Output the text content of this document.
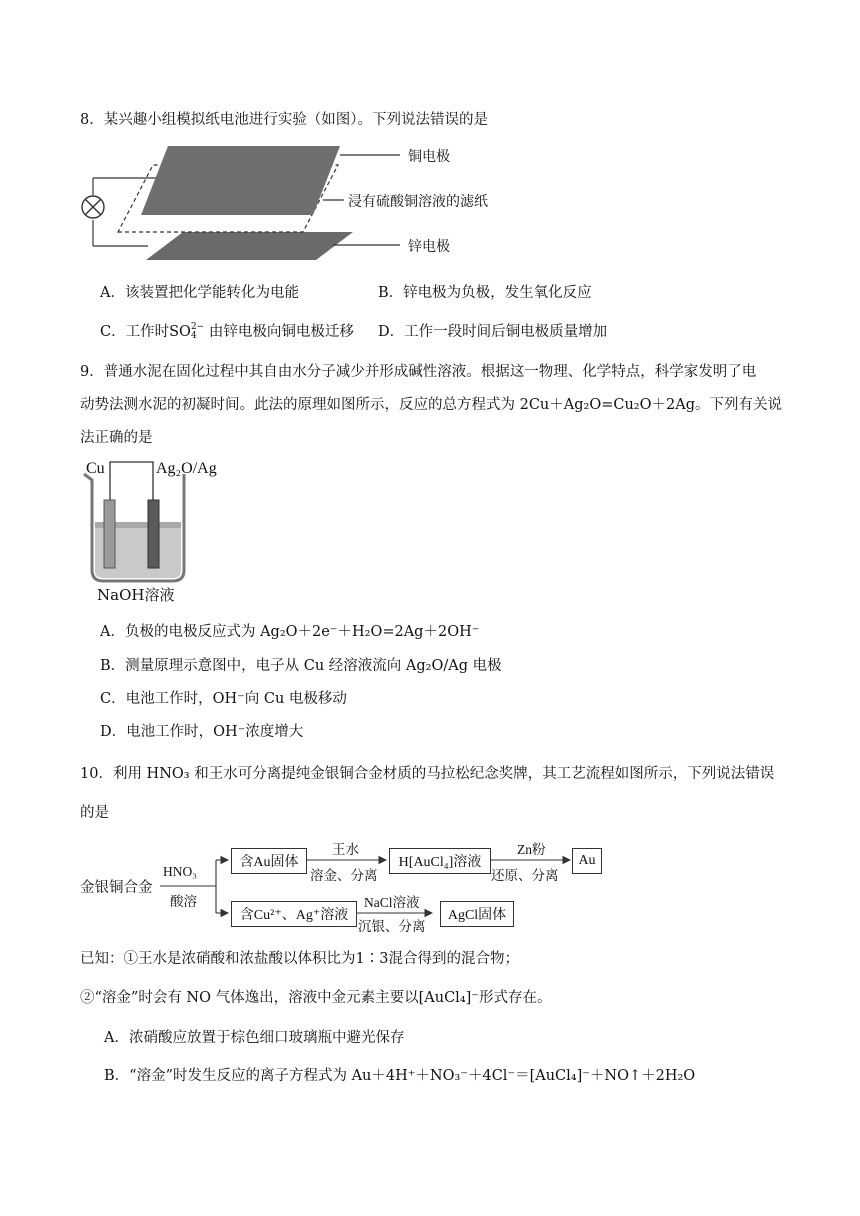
8．某兴趣小组模拟纸电池进行实验（如图）。下列说法错误的是
铜电极
浸有硫酸铜溶液的滤纸
锌电极
A．该装置把化学能转化为电能	B．锌电极为负极，发生氧化反应
C．工作时SO 2−
4 由锌电极向铜电极迁移 D．工作一段时间后铜电极质量增加
9．普通水泥在固化过程中其自由水分子减少并形成碱性溶液。根据这一物理、化学特点，科学家发明了电
动势法测水泥的初凝时间。此法的原理如图所示，反应的总方程式为 2Cu＋Ag₂O=Cu₂O＋2Ag。下列有关说
法正确的是
Cu	Ag₂O/Ag
NaOH溶液
A．负极的电极反应式为 Ag₂O＋2e⁻＋H₂O=2Ag＋2OH⁻
B．测量原理示意图中，电子从 Cu 经溶液流向 Ag₂O/Ag 电极
C．电池工作时，OH⁻向 Cu 电极移动
D．电池工作时，OH⁻浓度增大
10．利用 HNO₃ 和王水可分离提纯金银铜合金材质的马拉松纪念奖牌，其工艺流程如图所示，下列说法错误
的是
金银铜合金
HNO₃
酸溶
含Au固体
王水
溶金、分离
H[AuCl₄]溶液
Zn粉
还原、分离
Au
含Cu²⁺、Ag⁺溶液
NaCl溶液
沉银、分离
AgCl固体
已知：①王水是浓硝酸和浓盐酸以体积比为1∶3混合得到的混合物；
②“溶金”时会有 NO 气体逸出，溶液中金元素主要以[AuCl₄]⁻形式存在。
A．浓硝酸应放置于棕色细口玻璃瓶中避光保存
B．“溶金”时发生反应的离子方程式为 Au＋4H⁺＋NO₃⁻＋4Cl⁻＝[AuCl₄]⁻＋NO↑＋2H₂O
